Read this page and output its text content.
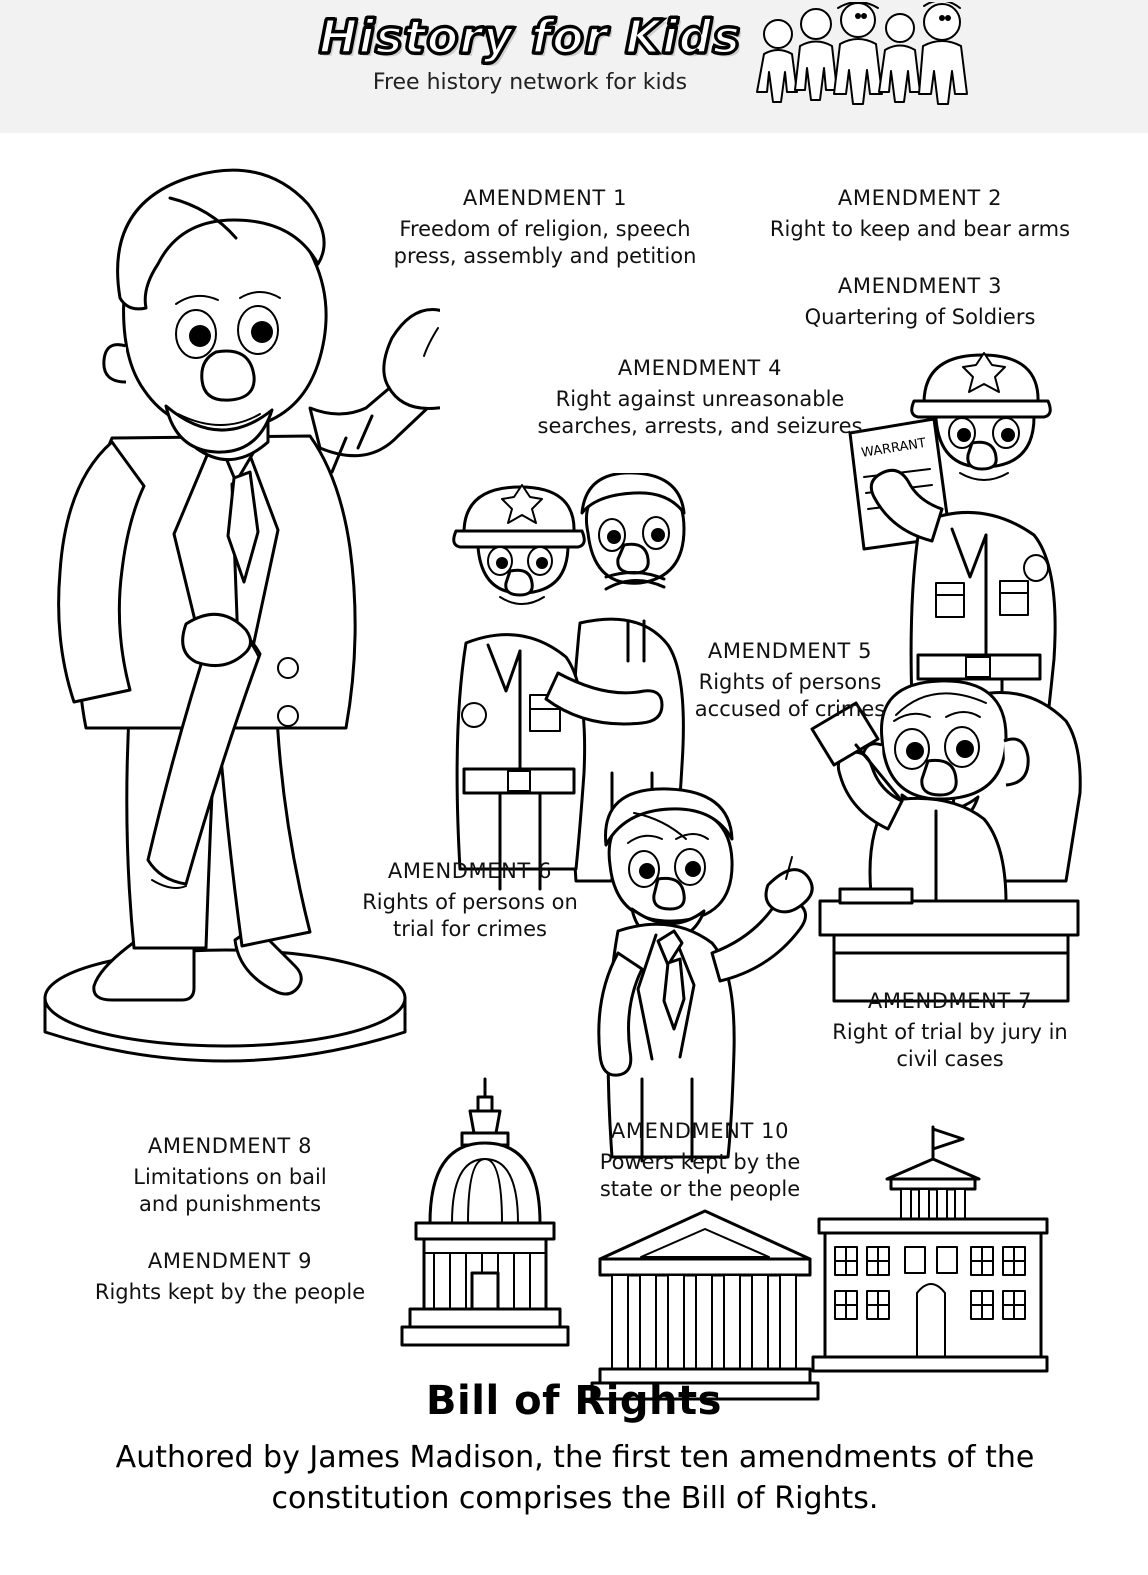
History for Kids
Free history network for kids
WARRANT
AMENDMENT 1
Freedom of religion, speech press, assembly and petition
AMENDMENT 2
Right to keep and bear arms
AMENDMENT 3
Quartering of Soldiers
AMENDMENT 4
Right against unreasonable searches, arrests, and seizures
AMENDMENT 5
Rights of persons accused of crimes
AMENDMENT 6
Rights of persons on trial for crimes
AMENDMENT 7
Right of trial by jury in civil cases
AMENDMENT 8
Limitations on bail and punishments
AMENDMENT 9
Rights kept by the people
AMENDMENT 10
Powers kept by the state or the people
Bill of Rights
Authored by James Madison, the first ten amendments of the constitution comprises the Bill of Rights.
